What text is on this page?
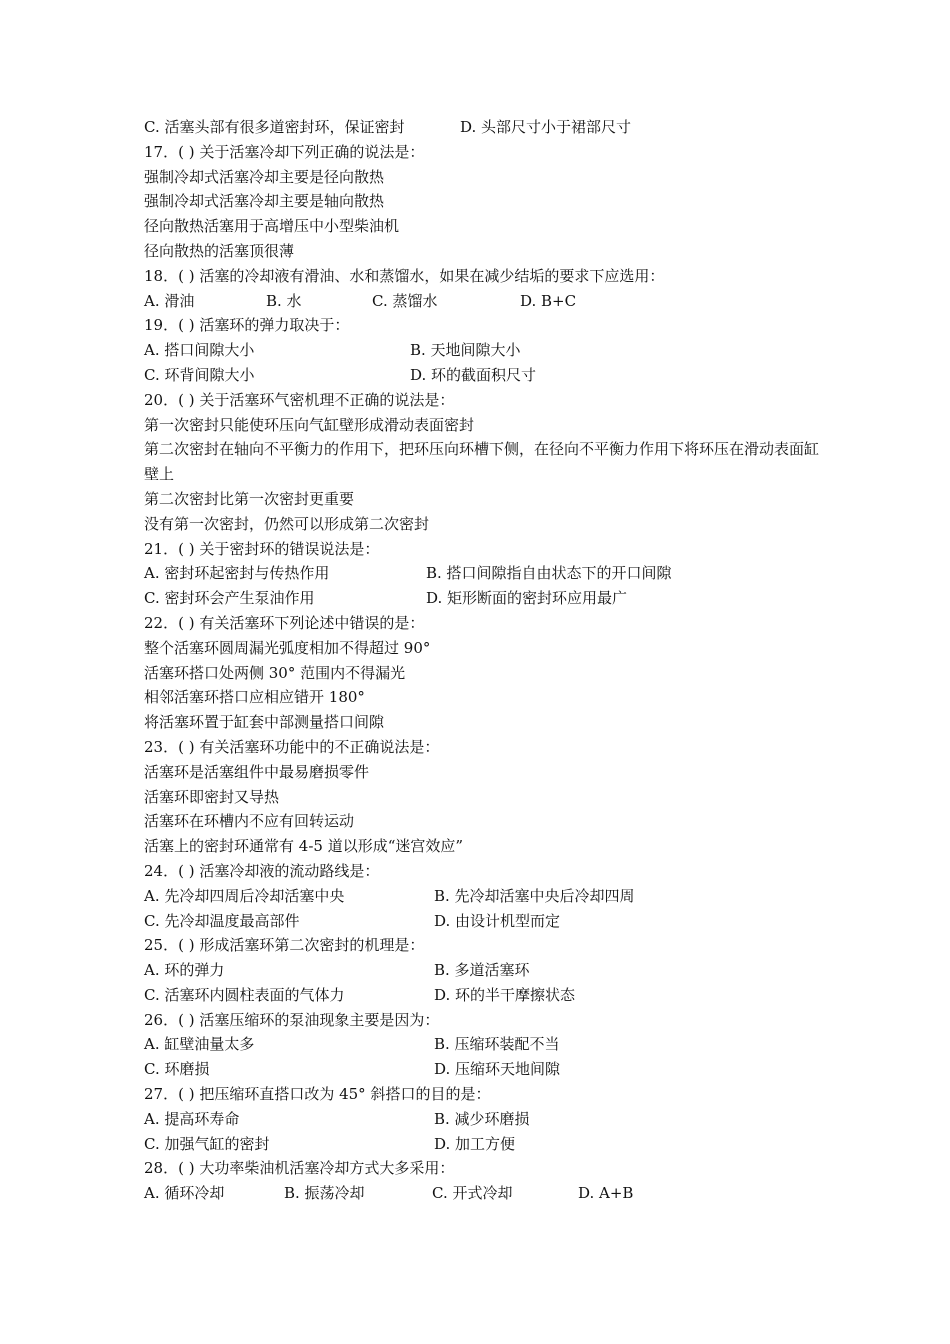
C. 活塞头部有很多道密封环，保证密封	D. 头部尺寸小于裙部尺寸
17．( ) 关于活塞冷却下列正确的说法是：
强制冷却式活塞冷却主要是径向散热
强制冷却式活塞冷却主要是轴向散热
径向散热活塞用于高增压中小型柴油机
径向散热的活塞顶很薄
18．( ) 活塞的冷却液有滑油、水和蒸馏水，如果在减少结垢的要求下应选用：
A. 滑油	B. 水	C. 蒸馏水	D. B+C
19．( ) 活塞环的弹力取决于：
A. 搭口间隙大小	B. 天地间隙大小
C. 环背间隙大小	D. 环的截面积尺寸
20．( ) 关于活塞环气密机理不正确的说法是：
第一次密封只能使环压向气缸壁形成滑动表面密封
第二次密封在轴向不平衡力的作用下，把环压向环槽下侧，在径向不平衡力作用下将环压在滑动表面缸壁上
第二次密封比第一次密封更重要
没有第一次密封，仍然可以形成第二次密封
21．( ) 关于密封环的错误说法是：
A. 密封环起密封与传热作用	B. 搭口间隙指自由状态下的开口间隙
C. 密封环会产生泵油作用	D. 矩形断面的密封环应用最广
22．( ) 有关活塞环下列论述中错误的是：
整个活塞环圆周漏光弧度相加不得超过 90°
活塞环搭口处两侧 30° 范围内不得漏光
相邻活塞环搭口应相应错开 180°
将活塞环置于缸套中部测量搭口间隙
23．( ) 有关活塞环功能中的不正确说法是：
活塞环是活塞组件中最易磨损零件
活塞环即密封又导热
活塞环在环槽内不应有回转运动
活塞上的密封环通常有 4-5 道以形成“迷宫效应”
24．( ) 活塞冷却液的流动路线是：
A. 先冷却四周后冷却活塞中央	B. 先冷却活塞中央后冷却四周
C. 先冷却温度最高部件	D. 由设计机型而定
25．( ) 形成活塞环第二次密封的机理是：
A. 环的弹力	B. 多道活塞环
C. 活塞环内圆柱表面的气体力	D. 环的半干摩擦状态
26．( ) 活塞压缩环的泵油现象主要是因为：
A. 缸壁油量太多	B. 压缩环装配不当
C. 环磨损	D. 压缩环天地间隙
27．( ) 把压缩环直搭口改为 45° 斜搭口的目的是：
A. 提高环寿命	B. 减少环磨损
C. 加强气缸的密封	D. 加工方便
28．( ) 大功率柴油机活塞冷却方式大多采用：
A. 循环冷却	B. 振荡冷却	C. 开式冷却	D. A+B
